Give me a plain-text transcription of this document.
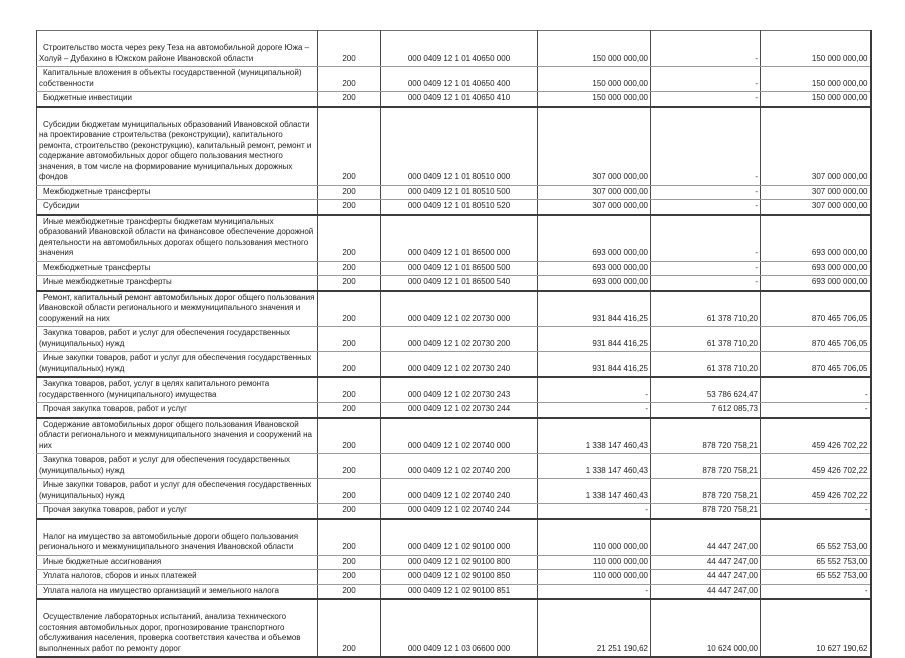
Строительство моста через реку Теза на автомобильной дороге Южа – Холуй – Дубахино в Южском районе Ивановской области	200	000 0409 12 1 01 40650 000	150 000 000,00	-	150 000 000,00
Капитальные вложения в объекты государственной (муниципальной) собственности	200	000 0409 12 1 01 40650 400	150 000 000,00	-	150 000 000,00
Бюджетные инвестиции	200	000 0409 12 1 01 40650 410	150 000 000,00	-	150 000 000,00
Субсидии бюджетам муниципальных образований Ивановской области на проектирование строительства (реконструкции), капитального ремонта, строительство (реконструкцию), капитальный ремонт, ремонт и содержание автомобильных дорог общего пользования местного значения, в том числе на формирование муниципальных дорожных фондов	200	000 0409 12 1 01 80510 000	307 000 000,00	-	307 000 000,00
Межбюджетные трансферты	200	000 0409 12 1 01 80510 500	307 000 000,00	-	307 000 000,00
Субсидии	200	000 0409 12 1 01 80510 520	307 000 000,00	-	307 000 000,00
Иные межбюджетные трансферты бюджетам муниципальных образований Ивановской области на финансовое обеспечение дорожной деятельности на автомобильных дорогах общего пользования местного значения	200	000 0409 12 1 01 86500 000	693 000 000,00	-	693 000 000,00
Межбюджетные трансферты	200	000 0409 12 1 01 86500 500	693 000 000,00	-	693 000 000,00
Иные межбюджетные трансферты	200	000 0409 12 1 01 86500 540	693 000 000,00	-	693 000 000,00
Ремонт, капитальный ремонт автомобильных дорог общего пользования Ивановской области регионального и межмуниципального значения и сооружений на них	200	000 0409 12 1 02 20730 000	931 844 416,25	61 378 710,20	870 465 706,05
Закупка товаров, работ и услуг для обеспечения государственных (муниципальных) нужд	200	000 0409 12 1 02 20730 200	931 844 416,25	61 378 710,20	870 465 706,05
Иные закупки товаров, работ и услуг для обеспечения государственных (муниципальных) нужд	200	000 0409 12 1 02 20730 240	931 844 416,25	61 378 710,20	870 465 706,05
Закупка товаров, работ, услуг в целях капитального ремонта государственного (муниципального) имущества	200	000 0409 12 1 02 20730 243	-	53 786 624,47	-
Прочая закупка товаров, работ и услуг	200	000 0409 12 1 02 20730 244	-	7 612 085,73	-
Содержание автомобильных дорог общего пользования Ивановской области регионального и межмуниципального значения и сооружений на них	200	000 0409 12 1 02 20740 000	1 338 147 460,43	878 720 758,21	459 426 702,22
Закупка товаров, работ и услуг для обеспечения государственных (муниципальных) нужд	200	000 0409 12 1 02 20740 200	1 338 147 460,43	878 720 758,21	459 426 702,22
Иные закупки товаров, работ и услуг для обеспечения государственных (муниципальных) нужд	200	000 0409 12 1 02 20740 240	1 338 147 460,43	878 720 758,21	459 426 702,22
Прочая закупка товаров, работ и услуг	200	000 0409 12 1 02 20740 244	-	878 720 758,21	-
Налог на имущество за автомобильные дороги общего пользования регионального и межмуниципального значения Ивановской области	200	000 0409 12 1 02 90100 000	110 000 000,00	44 447 247,00	65 552 753,00
Иные бюджетные ассигнования	200	000 0409 12 1 02 90100 800	110 000 000,00	44 447 247,00	65 552 753,00
Уплата налогов, сборов и иных платежей	200	000 0409 12 1 02 90100 850	110 000 000,00	44 447 247,00	65 552 753,00
Уплата налога на имущество организаций и земельного налога	200	000 0409 12 1 02 90100 851	-	44 447 247,00	-
Осуществление лабораторных испытаний, анализа технического состояния автомобильных дорог, прогнозирование транспортного обслуживания населения, проверка соответствия качества и объемов выполненных работ по ремонту дорог	200	000 0409 12 1 03 06600 000	21 251 190,62	10 624 000,00	10 627 190,62
